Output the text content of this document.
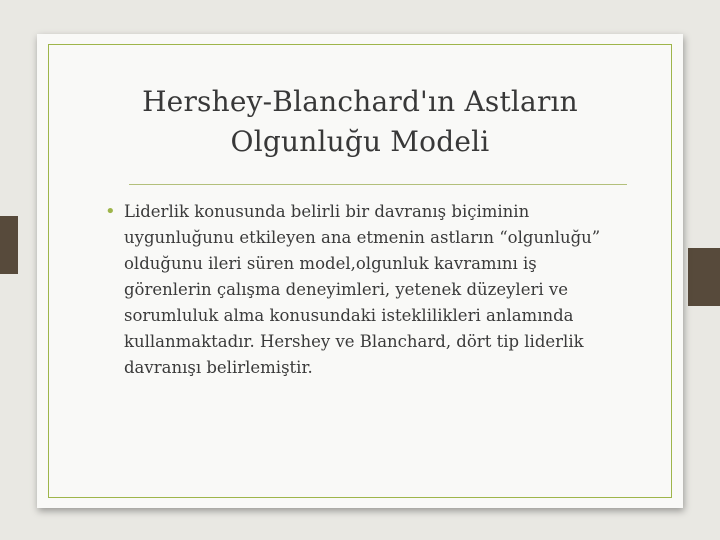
Hershey-Blanchard'ın Astların Olgunluğu Modeli
• Liderlik konusunda belirli bir davranış biçiminin uygunluğunu etkileyen ana etmenin astların “olgunluğu” olduğunu ileri süren model,olgunluk kavramını iş görenlerin çalışma deneyimleri, yetenek düzeyleri ve sorumluluk alma konusundaki isteklilikleri anlamında kullanmaktadır. Hershey ve Blanchard, dört tip liderlik davranışı belirlemiştir.
